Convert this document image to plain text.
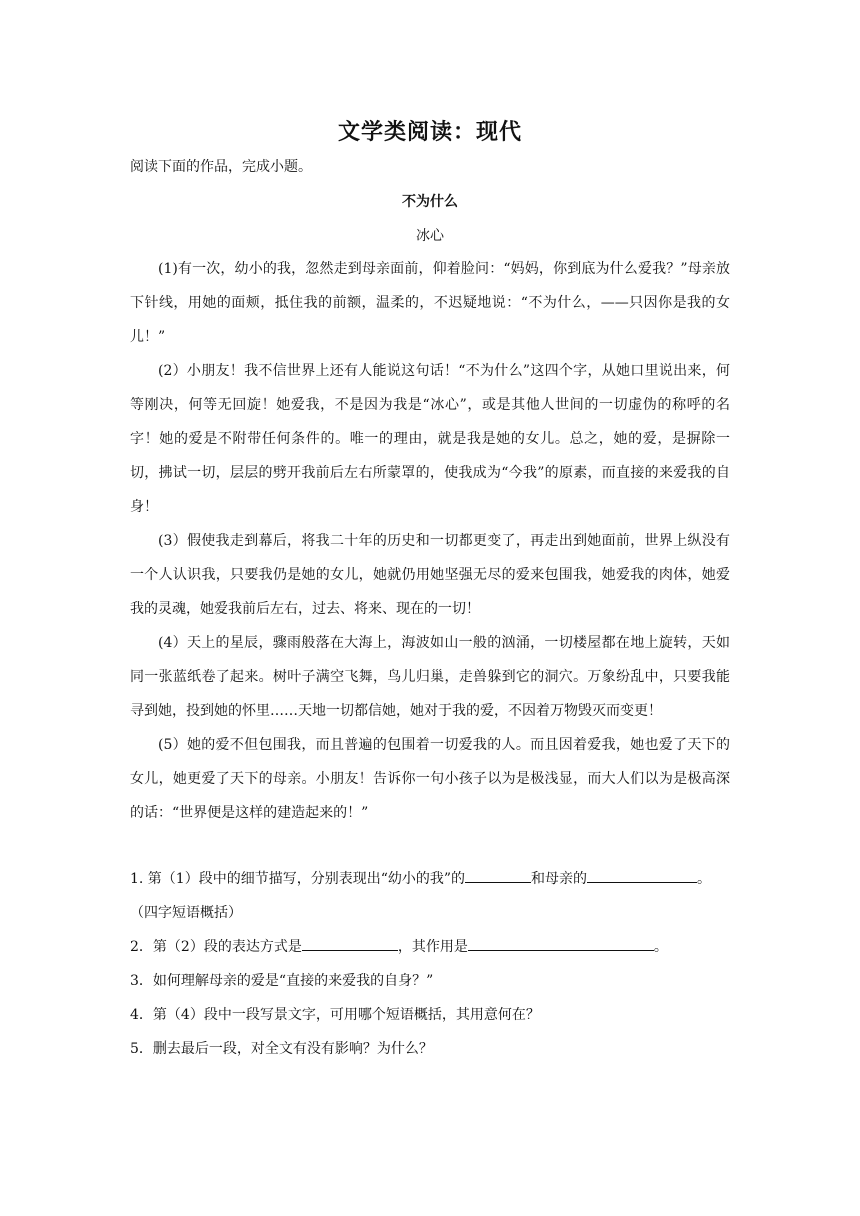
文学类阅读：现代
阅读下面的作品，完成小题。
不为什么
冰心

(1)有一次，幼小的我，忽然走到母亲面前，仰着脸问：“妈妈，你到底为什么爱我？”母亲放下针线，用她的面颊，抵住我的前额，温柔的，不迟疑地说：“不为什么，——只因你是我的女儿！”

(2）小朋友！我不信世界上还有人能说这句话！“不为什么”这四个字，从她口里说出来，何等刚决，何等无回旋！她爱我，不是因为我是“冰心”，或是其他人世间的一切虚伪的称呼的名字！她的爱是不附带任何条件的。唯一的理由，就是我是她的女儿。总之，她的爱，是摒除一切，拂试一切，层层的劈开我前后左右所蒙罩的，使我成为“今我”的原素，而直接的来爱我的自身！

(3）假使我走到幕后，将我二十年的历史和一切都更变了，再走出到她面前，世界上纵没有一个人认识我，只要我仍是她的女儿，她就仍用她坚强无尽的爱来包围我，她爱我的肉体，她爱我的灵魂，她爱我前后左右，过去、将来、现在的一切！

(4）天上的星辰，骤雨般落在大海上，海波如山一般的汹涌，一切楼屋都在地上旋转，天如同一张蓝纸卷了起来。树叶子满空飞舞，鸟儿归巢，走兽躲到它的洞穴。万象纷乱中，只要我能寻到她，投到她的怀里……天地一切都信她，她对于我的爱，不因着万物毁灭而变更！

(5）她的爱不但包围我，而且普遍的包围着一切爱我的人。而且因着爱我，她也爱了天下的女儿，她更爱了天下的母亲。小朋友！告诉你一句小孩子以为是极浅显，而大人们以为是极高深的话：“世界便是这样的建造起来的！”

1. 第（1）段中的细节描写，分别表现出“幼小的我”的	和母亲的	。
（四字短语概括）
2．第（2）段的表达方式是	，其作用是	。
3．如何理解母亲的爱是“直接的来爱我的自身？”
4．第（4）段中一段写景文字，可用哪个短语概括，其用意何在？
5．删去最后一段，对全文有没有影响？为什么？
